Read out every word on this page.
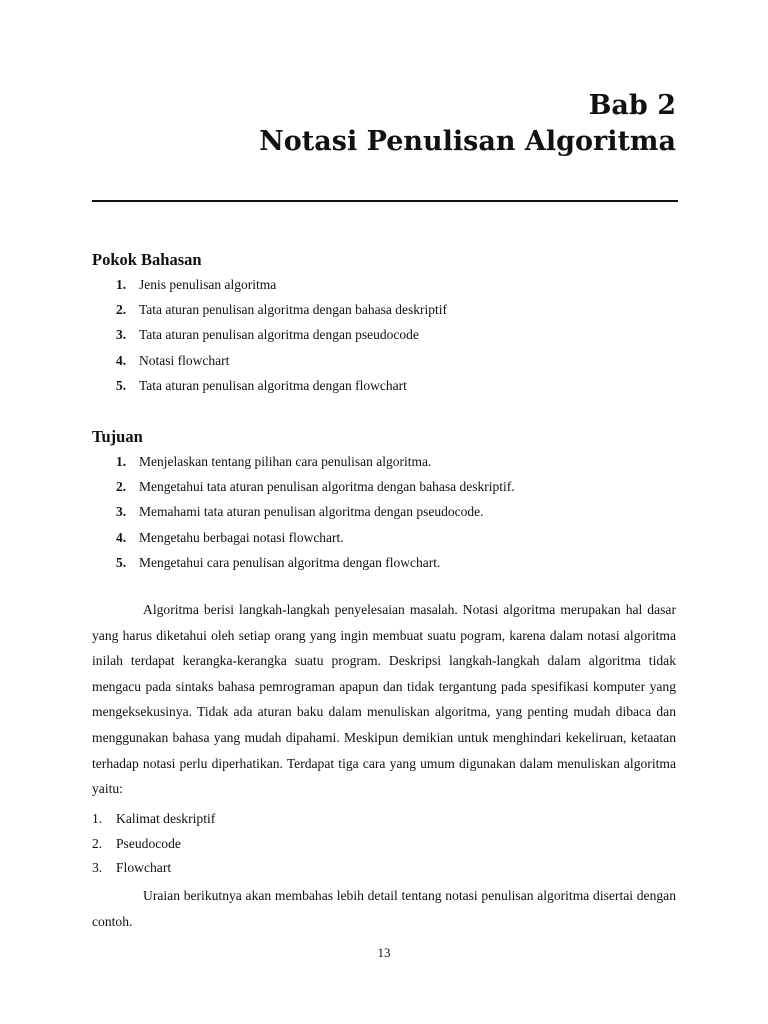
Bab 2
Notasi Penulisan Algoritma
Pokok Bahasan
1. Jenis penulisan algoritma
2. Tata aturan penulisan algoritma dengan bahasa deskriptif
3. Tata aturan penulisan algoritma dengan pseudocode
4. Notasi flowchart
5. Tata aturan penulisan algoritma dengan flowchart
Tujuan
1. Menjelaskan tentang pilihan cara penulisan algoritma.
2. Mengetahui tata aturan penulisan algoritma dengan bahasa deskriptif.
3. Memahami tata aturan penulisan algoritma dengan pseudocode.
4. Mengetahu berbagai notasi flowchart.
5. Mengetahui cara penulisan algoritma dengan flowchart.

Algoritma berisi langkah-langkah penyelesaian masalah. Notasi algoritma merupakan hal dasar yang harus diketahui oleh setiap orang yang ingin membuat suatu pogram, karena dalam notasi algoritma inilah terdapat kerangka-kerangka suatu program. Deskripsi langkah-langkah dalam algoritma tidak mengacu pada sintaks bahasa pemrograman apapun dan tidak tergantung pada spesifikasi komputer yang mengeksekusinya. Tidak ada aturan baku dalam menuliskan algoritma, yang penting mudah dibaca dan menggunakan bahasa yang mudah dipahami. Meskipun demikian untuk menghindari kekeliruan, ketaatan terhadap notasi perlu diperhatikan. Terdapat tiga cara yang umum digunakan dalam menuliskan algoritma yaitu:

1. Kalimat deskriptif
2. Pseudocode
3. Flowchart

Uraian berikutnya akan membahas lebih detail tentang notasi penulisan algoritma disertai dengan contoh.

13
